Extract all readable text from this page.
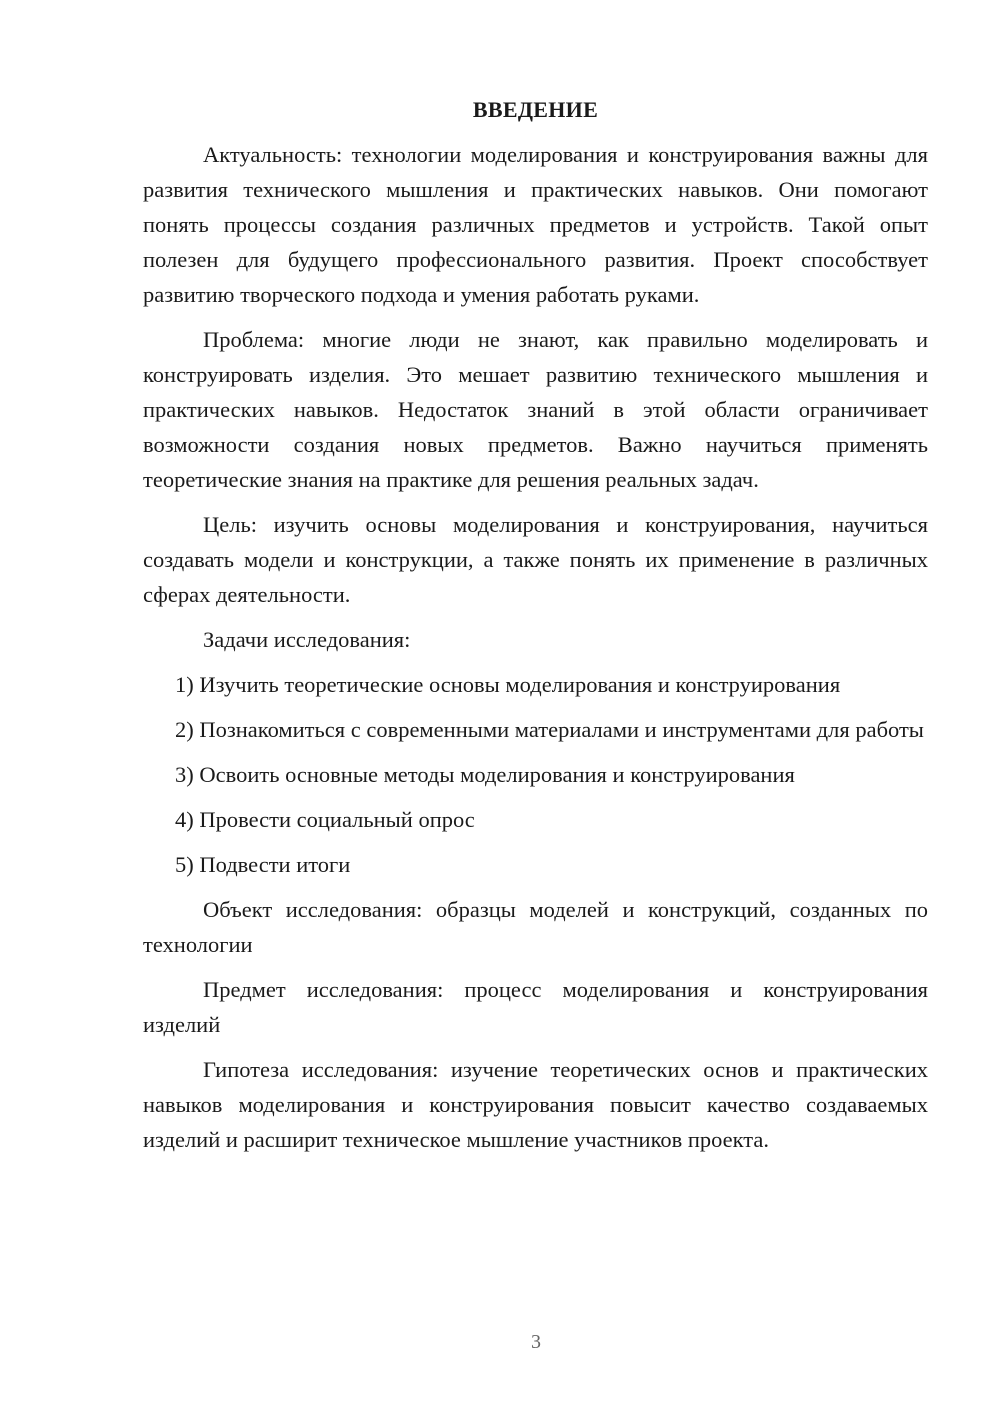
ВВЕДЕНИЕ

Актуальность: технологии моделирования и конструирования важны для развития технического мышления и практических навыков. Они помогают понять процессы создания различных предметов и устройств. Такой опыт полезен для будущего профессионального развития. Проект способствует развитию творческого подхода и умения работать руками.

Проблема: многие люди не знают, как правильно моделировать и конструировать изделия. Это мешает развитию технического мышления и практических навыков. Недостаток знаний в этой области ограничивает возможности создания новых предметов. Важно научиться применять теоретические знания на практике для решения реальных задач.

Цель: изучить основы моделирования и конструирования, научиться создавать модели и конструкции, а также понять их применение в различных сферах деятельности.

Задачи исследования:

1) Изучить теоретические основы моделирования и конструирования

2) Познакомиться с современными материалами и инструментами для работы

3) Освоить основные методы моделирования и конструирования

4) Провести социальный опрос

5) Подвести итоги

Объект исследования: образцы моделей и конструкций, созданных по технологии

Предмет исследования: процесс моделирования и конструирования изделий

Гипотеза исследования: изучение теоретических основ и практических навыков моделирования и конструирования повысит качество создаваемых изделий и расширит техническое мышление участников проекта.

3
